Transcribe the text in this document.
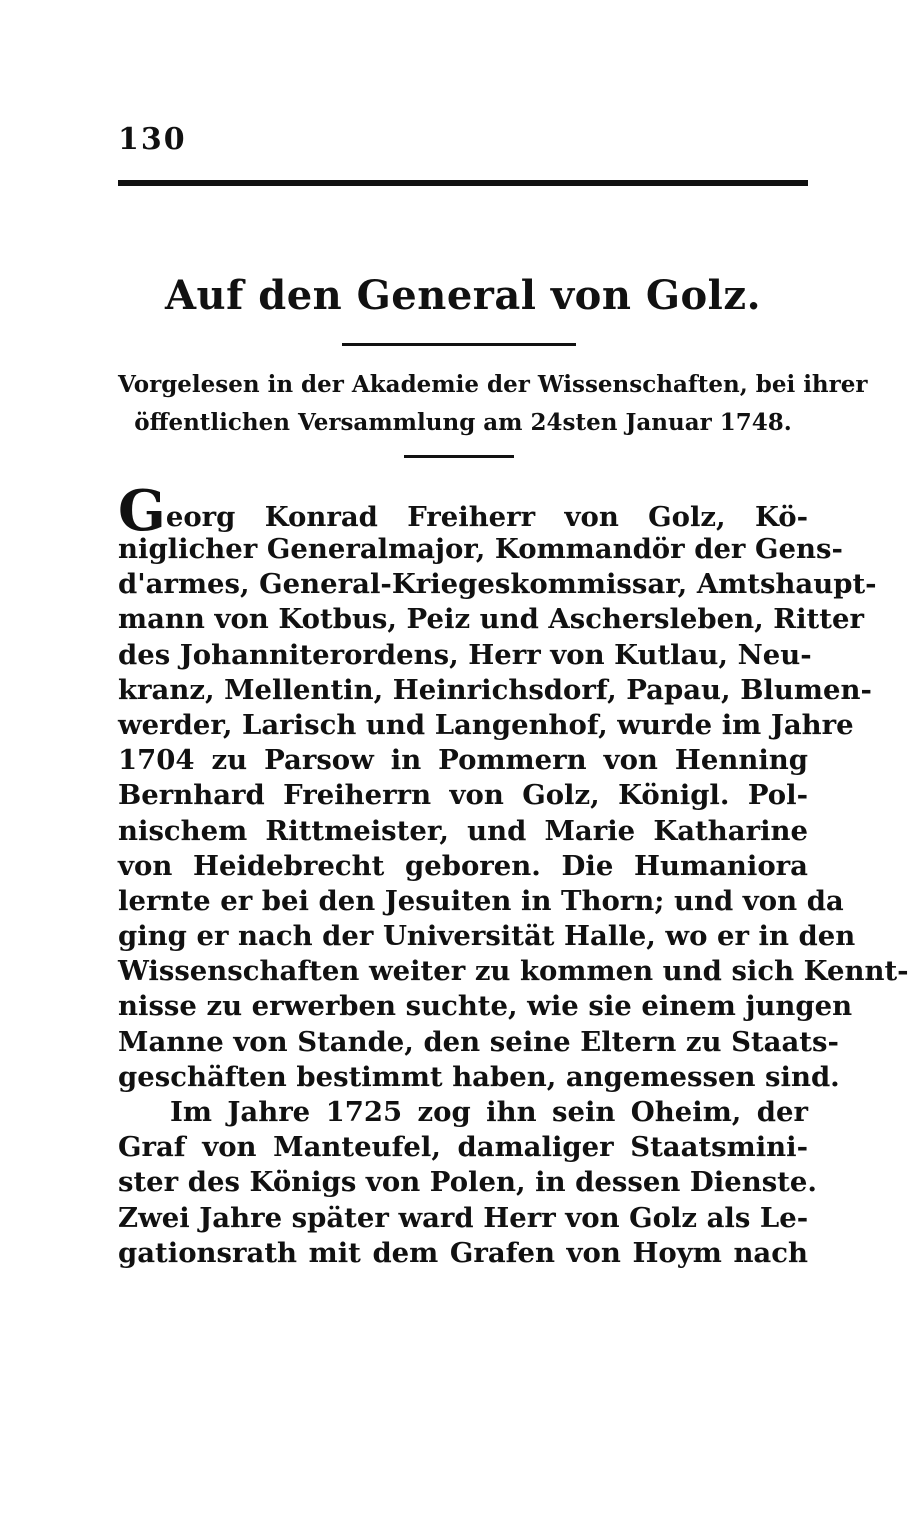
130
Auf den General von Golz.
Vorgelesen in der Akademie der Wissenschaften, bei ihrer
öffentlichen Versammlung am 24sten Januar 1748.
Georg Konrad Freiherr von Golz, Kö-
niglicher Generalmajor, Kommandör der Gens-
d'armes, General-Kriegeskommissar, Amtshaupt-
mann von Kotbus, Peiz und Aschersleben, Ritter
des Johanniterordens, Herr von Kutlau, Neu-
kranz, Mellentin, Heinrichsdorf, Papau, Blumen-
werder, Larisch und Langenhof, wurde im Jahre
1704 zu Parsow in Pommern von Henning
Bernhard Freiherrn von Golz, Königl. Pol-
nischem Rittmeister, und Marie Katharine
von Heidebrecht geboren. Die Humaniora
lernte er bei den Jesuiten in Thorn; und von da
ging er nach der Universität Halle, wo er in den
Wissenschaften weiter zu kommen und sich Kennt-
nisse zu erwerben suchte, wie sie einem jungen
Manne von Stande, den seine Eltern zu Staats-
geschäften bestimmt haben, angemessen sind.
Im Jahre 1725 zog ihn sein Oheim, der
Graf von Manteufel, damaliger Staatsmini-
ster des Königs von Polen, in dessen Dienste.
Zwei Jahre später ward Herr von Golz als Le-
gationsrath mit dem Grafen von Hoym nach
